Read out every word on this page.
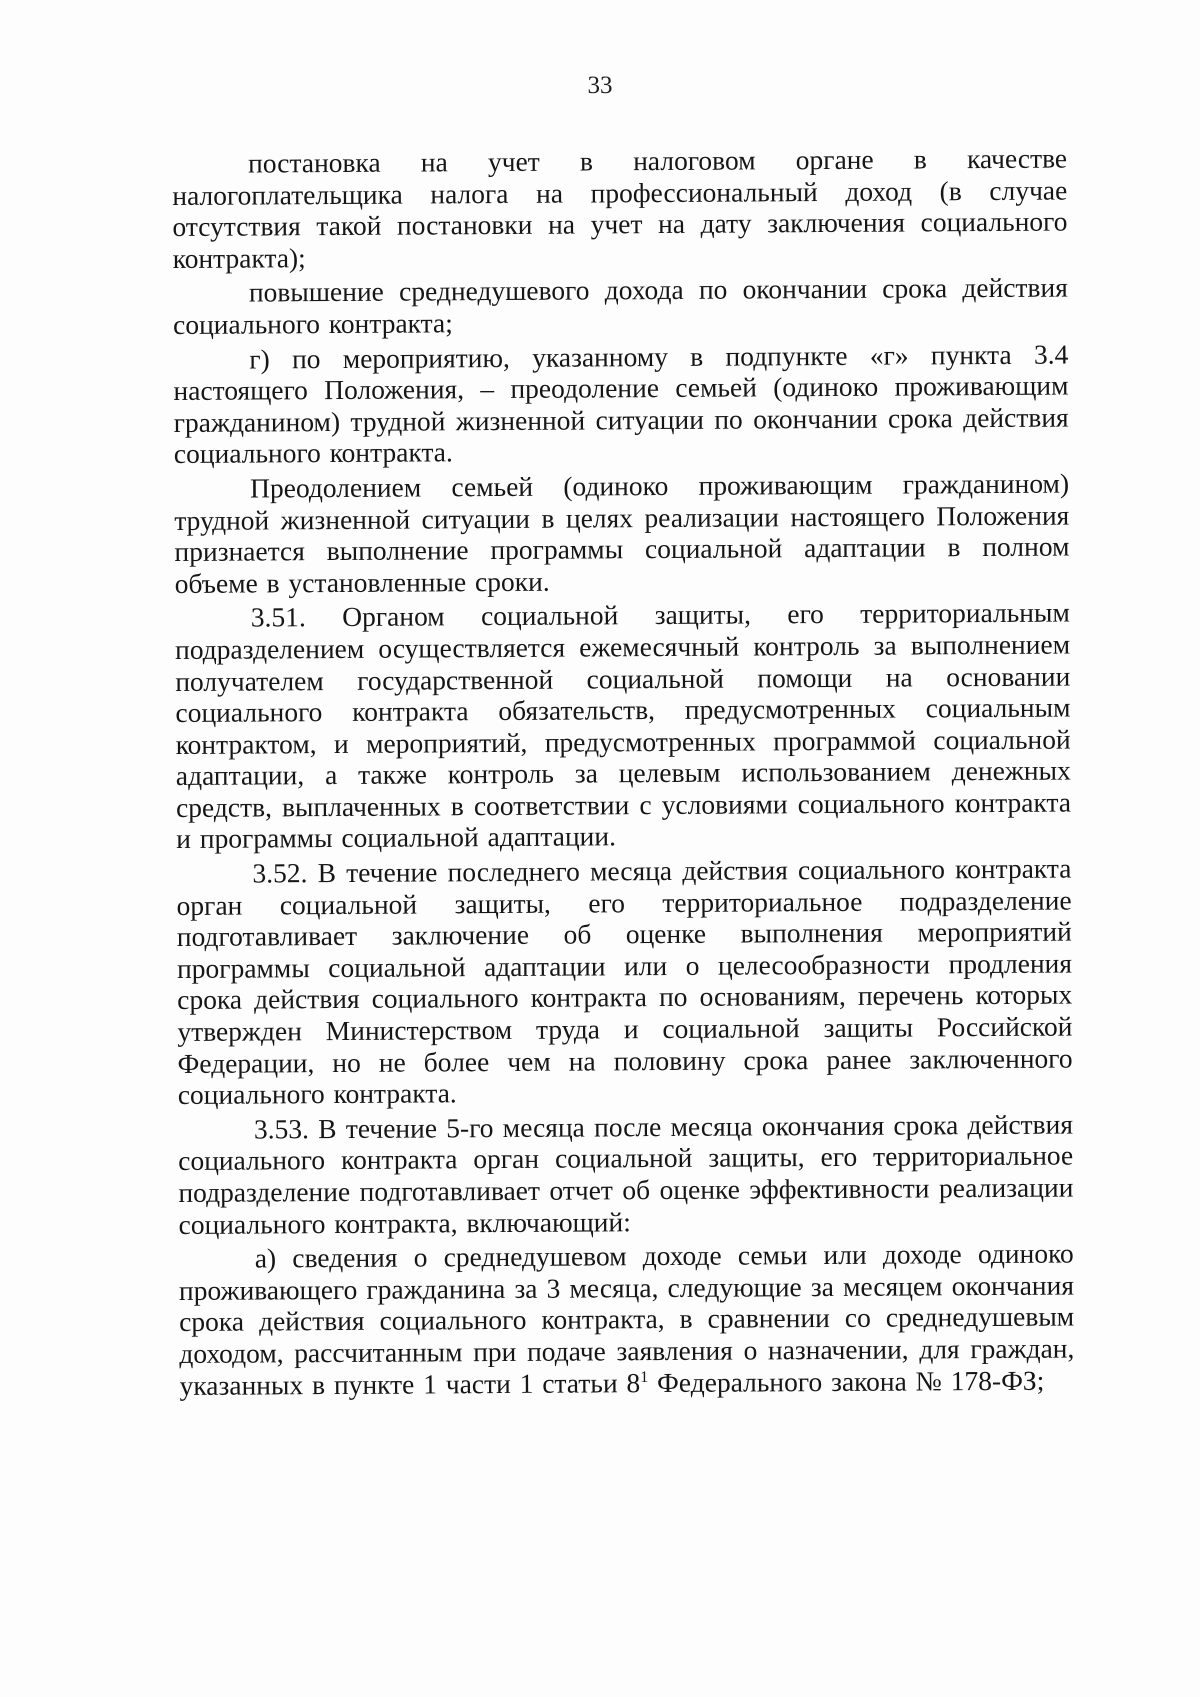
33

постановка на учет в налоговом органе в качестве налогоплательщика налога на профессиональный доход (в случае отсутствия такой постановки на учет на дату заключения социального контракта);

повышение среднедушевого дохода по окончании срока действия социального контракта;

г) по мероприятию, указанному в подпункте «г» пункта 3.4 настоящего Положения, – преодоление семьей (одиноко проживающим гражданином) трудной жизненной ситуации по окончании срока действия социального контракта.

Преодолением семьей (одиноко проживающим гражданином) трудной жизненной ситуации в целях реализации настоящего Положения признается выполнение программы социальной адаптации в полном объеме в установленные сроки.

3.51. Органом социальной защиты, его территориальным подразделением осуществляется ежемесячный контроль за выполнением получателем государственной социальной помощи на основании социального контракта обязательств, предусмотренных социальным контрактом, и мероприятий, предусмотренных программой социальной адаптации, а также контроль за целевым использованием денежных средств, выплаченных в соответствии с условиями социального контракта и программы социальной адаптации.

3.52. В течение последнего месяца действия социального контракта орган социальной защиты, его территориальное подразделение подготавливает заключение об оценке выполнения мероприятий программы социальной адаптации или о целесообразности продления срока действия социального контракта по основаниям, перечень которых утвержден Министерством труда и социальной защиты Российской Федерации, но не более чем на половину срока ранее заключенного социального контракта.

3.53. В течение 5-го месяца после месяца окончания срока действия социального контракта орган социальной защиты, его территориальное подразделение подготавливает отчет об оценке эффективности реализации социального контракта, включающий:

а) сведения о среднедушевом доходе семьи или доходе одиноко проживающего гражданина за 3 месяца, следующие за месяцем окончания срока действия социального контракта, в сравнении со среднедушевым доходом, рассчитанным при подаче заявления о назначении, для граждан, указанных в пункте 1 части 1 статьи $8^1$ Федерального закона № 178-ФЗ;
